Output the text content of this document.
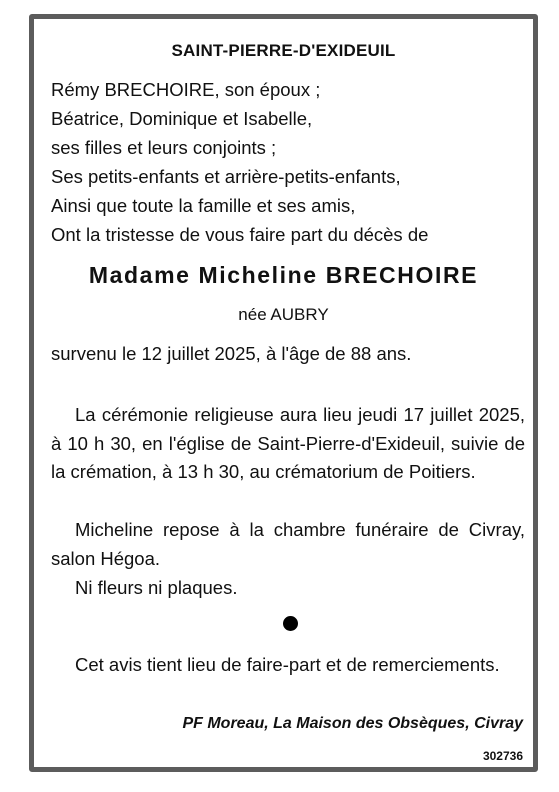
SAINT-PIERRE-D'EXIDEUIL
Rémy BRECHOIRE, son époux ;
Béatrice, Dominique et Isabelle,
ses filles et leurs conjoints ;
Ses petits-enfants et arrière-petits-enfants,
Ainsi que toute la famille et ses amis,
Ont la tristesse de vous faire part du décès de
Madame Micheline BRECHOIRE
née AUBRY
survenu le 12 juillet 2025, à l'âge de 88 ans.
La cérémonie religieuse aura lieu jeudi 17 juillet 2025, à 10 h 30, en l'église de Saint-Pierre-d'Exideuil, suivie de la crémation, à 13 h 30, au crématorium de Poitiers.
Micheline repose à la chambre funéraire de Civray, salon Hégoa.
Ni fleurs ni plaques.
Cet avis tient lieu de faire-part et de remerciements.
PF Moreau, La Maison des Obsèques, Civray
302736
